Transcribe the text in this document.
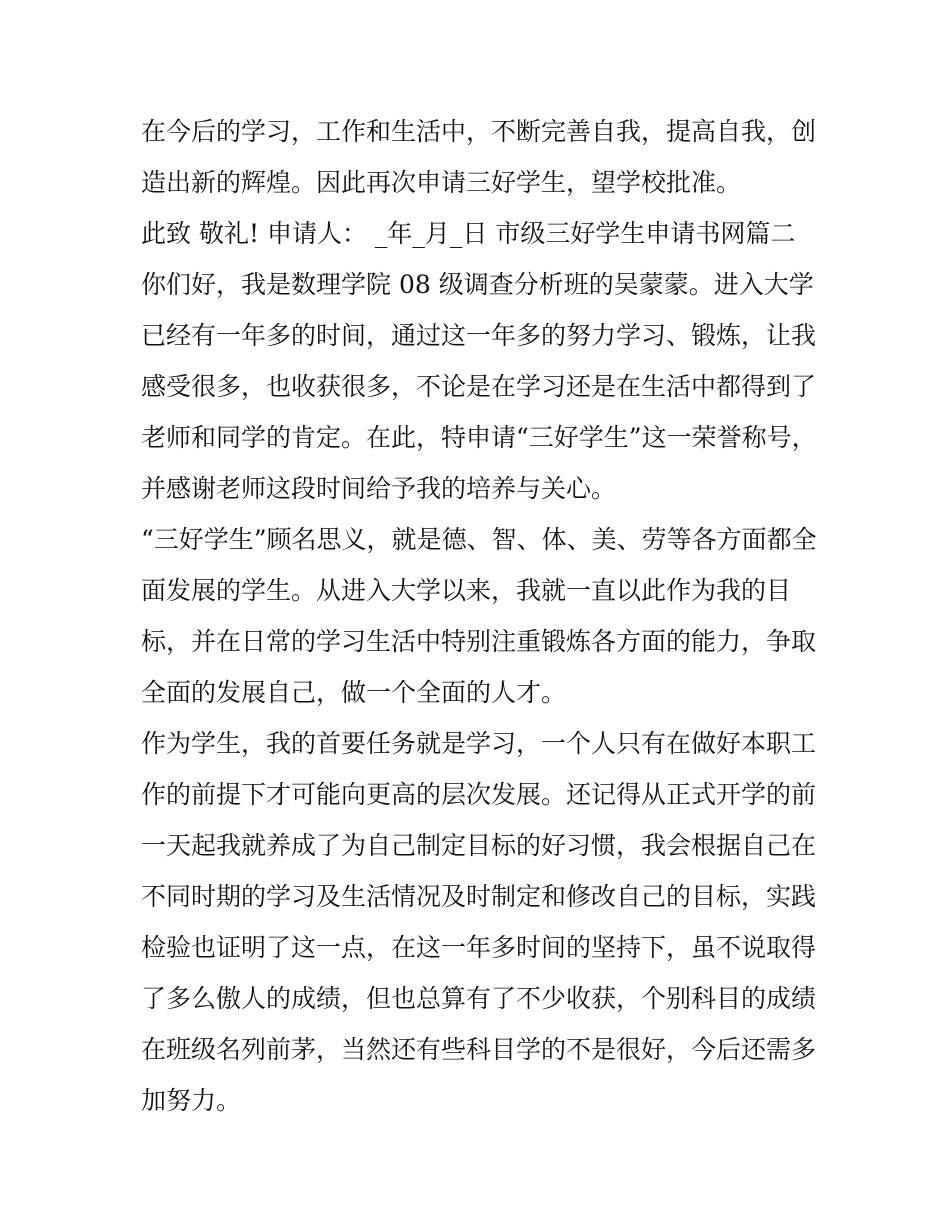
在今后的学习，工作和生活中，不断完善自我，提高自我，创
造出新的辉煌。因此再次申请三好学生，望学校批准。
此致 敬礼! 申请人： _年_月_日 市级三好学生申请书网篇二
你们好，我是数理学院 08 级调查分析班的吴蒙蒙。进入大学
已经有一年多的时间，通过这一年多的努力学习、锻炼，让我
感受很多，也收获很多，不论是在学习还是在生活中都得到了
老师和同学的肯定。在此，特申请“三好学生”这一荣誉称号，
并感谢老师这段时间给予我的培养与关心。
“三好学生”顾名思义，就是德、智、体、美、劳等各方面都全
面发展的学生。从进入大学以来，我就一直以此作为我的目
标，并在日常的学习生活中特别注重锻炼各方面的能力，争取
全面的发展自己，做一个全面的人才。
作为学生，我的首要任务就是学习，一个人只有在做好本职工
作的前提下才可能向更高的层次发展。还记得从正式开学的前
一天起我就养成了为自己制定目标的好习惯，我会根据自己在
不同时期的学习及生活情况及时制定和修改自己的目标，实践
检验也证明了这一点，在这一年多时间的坚持下，虽不说取得
了多么傲人的成绩，但也总算有了不少收获，个别科目的成绩
在班级名列前茅，当然还有些科目学的不是很好，今后还需多
加努力。
